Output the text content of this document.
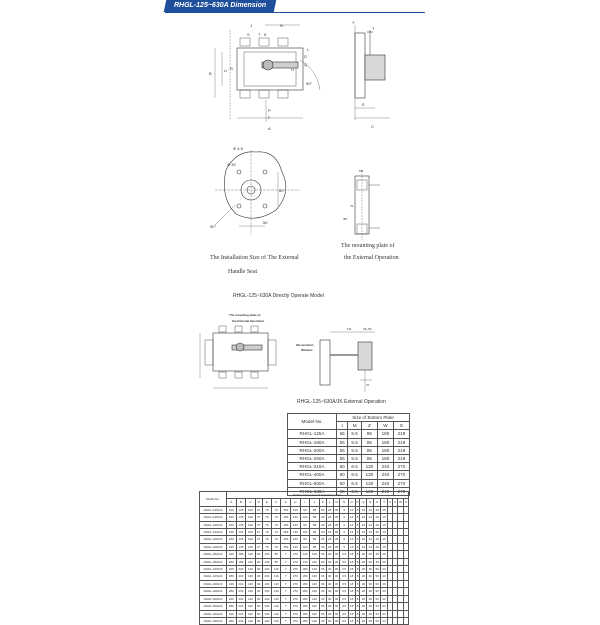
RHGL-125~630A Dimension
J	N
S T K
U
B
R
L
D
Q
H
90°
P
F
A
Y
T
E
C
Φ 4.5
Φ 30
60
50
90°
M5
Φ5
70
111	29~50
70
The Installation Size of The External
Handle Seat
The mounting plate of
the External Operation
RHGL-125~630A Directly Operate Model
The mounting plate of
the External Operation
Observation
Window
RHGL-125~630A/JK External Operation
Model No.	Size of Bottom Plate				
	I	M	Z	W	G
RHGL-125A	65	5.5	85	190	218
RHGL-160A	55	5.5	85	190	218
RHGL-200A	55	5.5	85	190	218
RHGL-250A	55	5.5	85	190	218
RHGL-315A	60	6.5	130	240	270
RHGL-400A	60	6.5	130	240	270
RHGL-500A	60	6.5	130	240	270
RHGL-630A	60	6.5	130	240	270
Model No.	Outline Dimension & Installation Size																							
	A	B	C	D	E	F	G	H	I	J	K	L	M	N	O	P	Q	R	S	T	U	V	W	X
RHGL-125A/3	166	135	100	27	70	70	153	130	90	98	30	26	35	3	14	5	19	24	40	15				
RHGL-125A/4	196	135	100	27	70	70	153	130	120	98	30	26	35	3	14	5	19	24	40	15				
RHGL-160A/3	166	135	100	27	70	70	153	130	90	98	30	26	35	3	14	5	19	24	40	15				
RHGL-160A/4	196	135	100	27	70	70	153	130	120	98	30	26	35	3	14	5	19	24	40	15				
RHGL-200A/3	166	135	100	27	70	70	153	130	90	98	30	26	35	3	14	5	19	24	40	15				
RHGL-200A/4	196	135	100	27	70	70	153	130	120	98	30	26	35	3	14	5	19	24	40	15				
RHGL-250A/3	226	186	140	30	100	86	7	270	140	100	36	30	30	3.5	18	8	26	26	45	20				
RHGL-250A/4	286	186	140	30	100	86	7	270	140	140	36	30	30	3.5	18	8	26	26	45	20				
RHGL-315A/3	226	234	140	30	100	116	7	270	180	140	36	30	30	3.5	18	8	26	30	50	20				
RHGL-315A/4	286	234	140	30	100	116	7	270	180	140	36	30	30	3.5	18	8	26	30	50	20				
RHGL-400A/3	226	234	140	30	100	116	7	270	180	140	36	30	30	3.5	18	8	26	30	50	20				
RHGL-400A/4	286	234	140	30	100	116	7	270	180	140	36	30	30	3.5	18	8	26	30	50	20				
RHGL-500A/3	226	234	140	30	100	116	7	270	180	140	36	30	30	3.5	18	8	26	30	50	22				
RHGL-500A/4	286	234	140	30	100	116	7	270	180	140	36	30	30	3.5	18	8	26	30	50	22				
RHGL-630A/3	226	234	140	30	100	116	7	270	180	140	36	30	30	3.5	18	8	26	30	50	22				
RHGL-630A/4	286	234	140	30	100	116	7	270	180	140	36	30	30	3.5	18	8	26	30	50	22				
